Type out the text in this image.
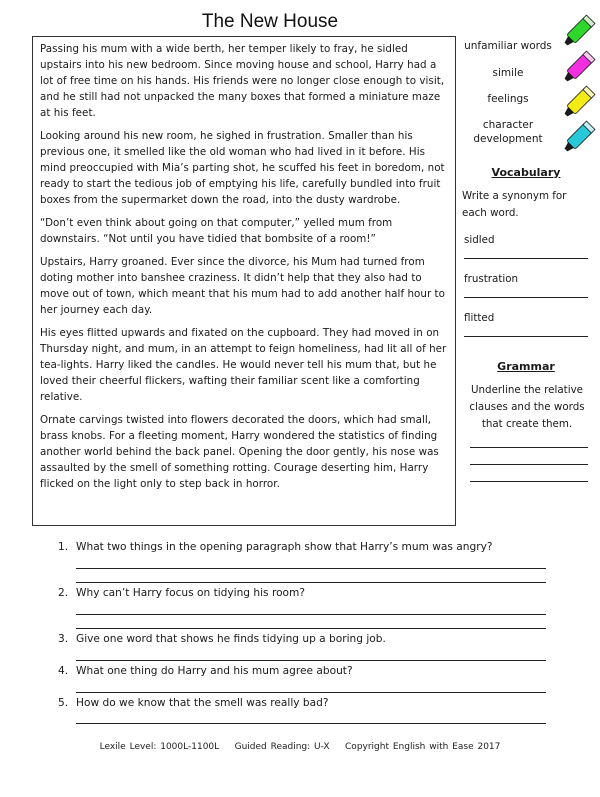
The New House

Passing his mum with a wide berth, her temper likely to fray, he sidled upstairs into his new bedroom. Since moving house and school, Harry had a lot of free time on his hands. His friends were no longer close enough to visit, and he still had not unpacked the many boxes that formed a miniature maze at his feet.

Looking around his new room, he sighed in frustration. Smaller than his previous one, it smelled like the old woman who had lived in it before. His mind preoccupied with Mia’s parting shot, he scuffed his feet in boredom, not ready to start the tedious job of emptying his life, carefully bundled into fruit boxes from the supermarket down the road, into the dusty wardrobe.

“Don’t even think about going on that computer,” yelled mum from downstairs. “Not until you have tidied that bombsite of a room!”

Upstairs, Harry groaned. Ever since the divorce, his Mum had turned from doting mother into banshee craziness. It didn’t help that they also had to move out of town, which meant that his mum had to add another half hour to her journey each day.

His eyes flitted upwards and fixated on the cupboard. They had moved in on Thursday night, and mum, in an attempt to feign homeliness, had lit all of her tea-lights. Harry liked the candles. He would never tell his mum that, but he loved their cheerful flickers, wafting their familiar scent like a comforting relative.

Ornate carvings twisted into flowers decorated the doors, which had small, brass knobs. For a fleeting moment, Harry wondered the statistics of finding another world behind the back panel. Opening the door gently, his nose was assaulted by the smell of something rotting. Courage deserting him, Harry flicked on the light only to step back in horror.

unfamiliar words
simile
feelings
character development
Vocabulary
Write a synonym for each word.
sidled
frustration
flitted
Grammar
Underline the relative clauses and the words that create them.
1. What two things in the opening paragraph show that Harry’s mum was angry?
2. Why can’t Harry focus on tidying his room?
3. Give one word that shows he finds tidying up a boring job.
4. What one thing do Harry and his mum agree about?
5. How do we know that the smell was really bad?
Lexile Level: 1000L-1100L    Guided Reading: U-X    Copyright English with Ease 2017
